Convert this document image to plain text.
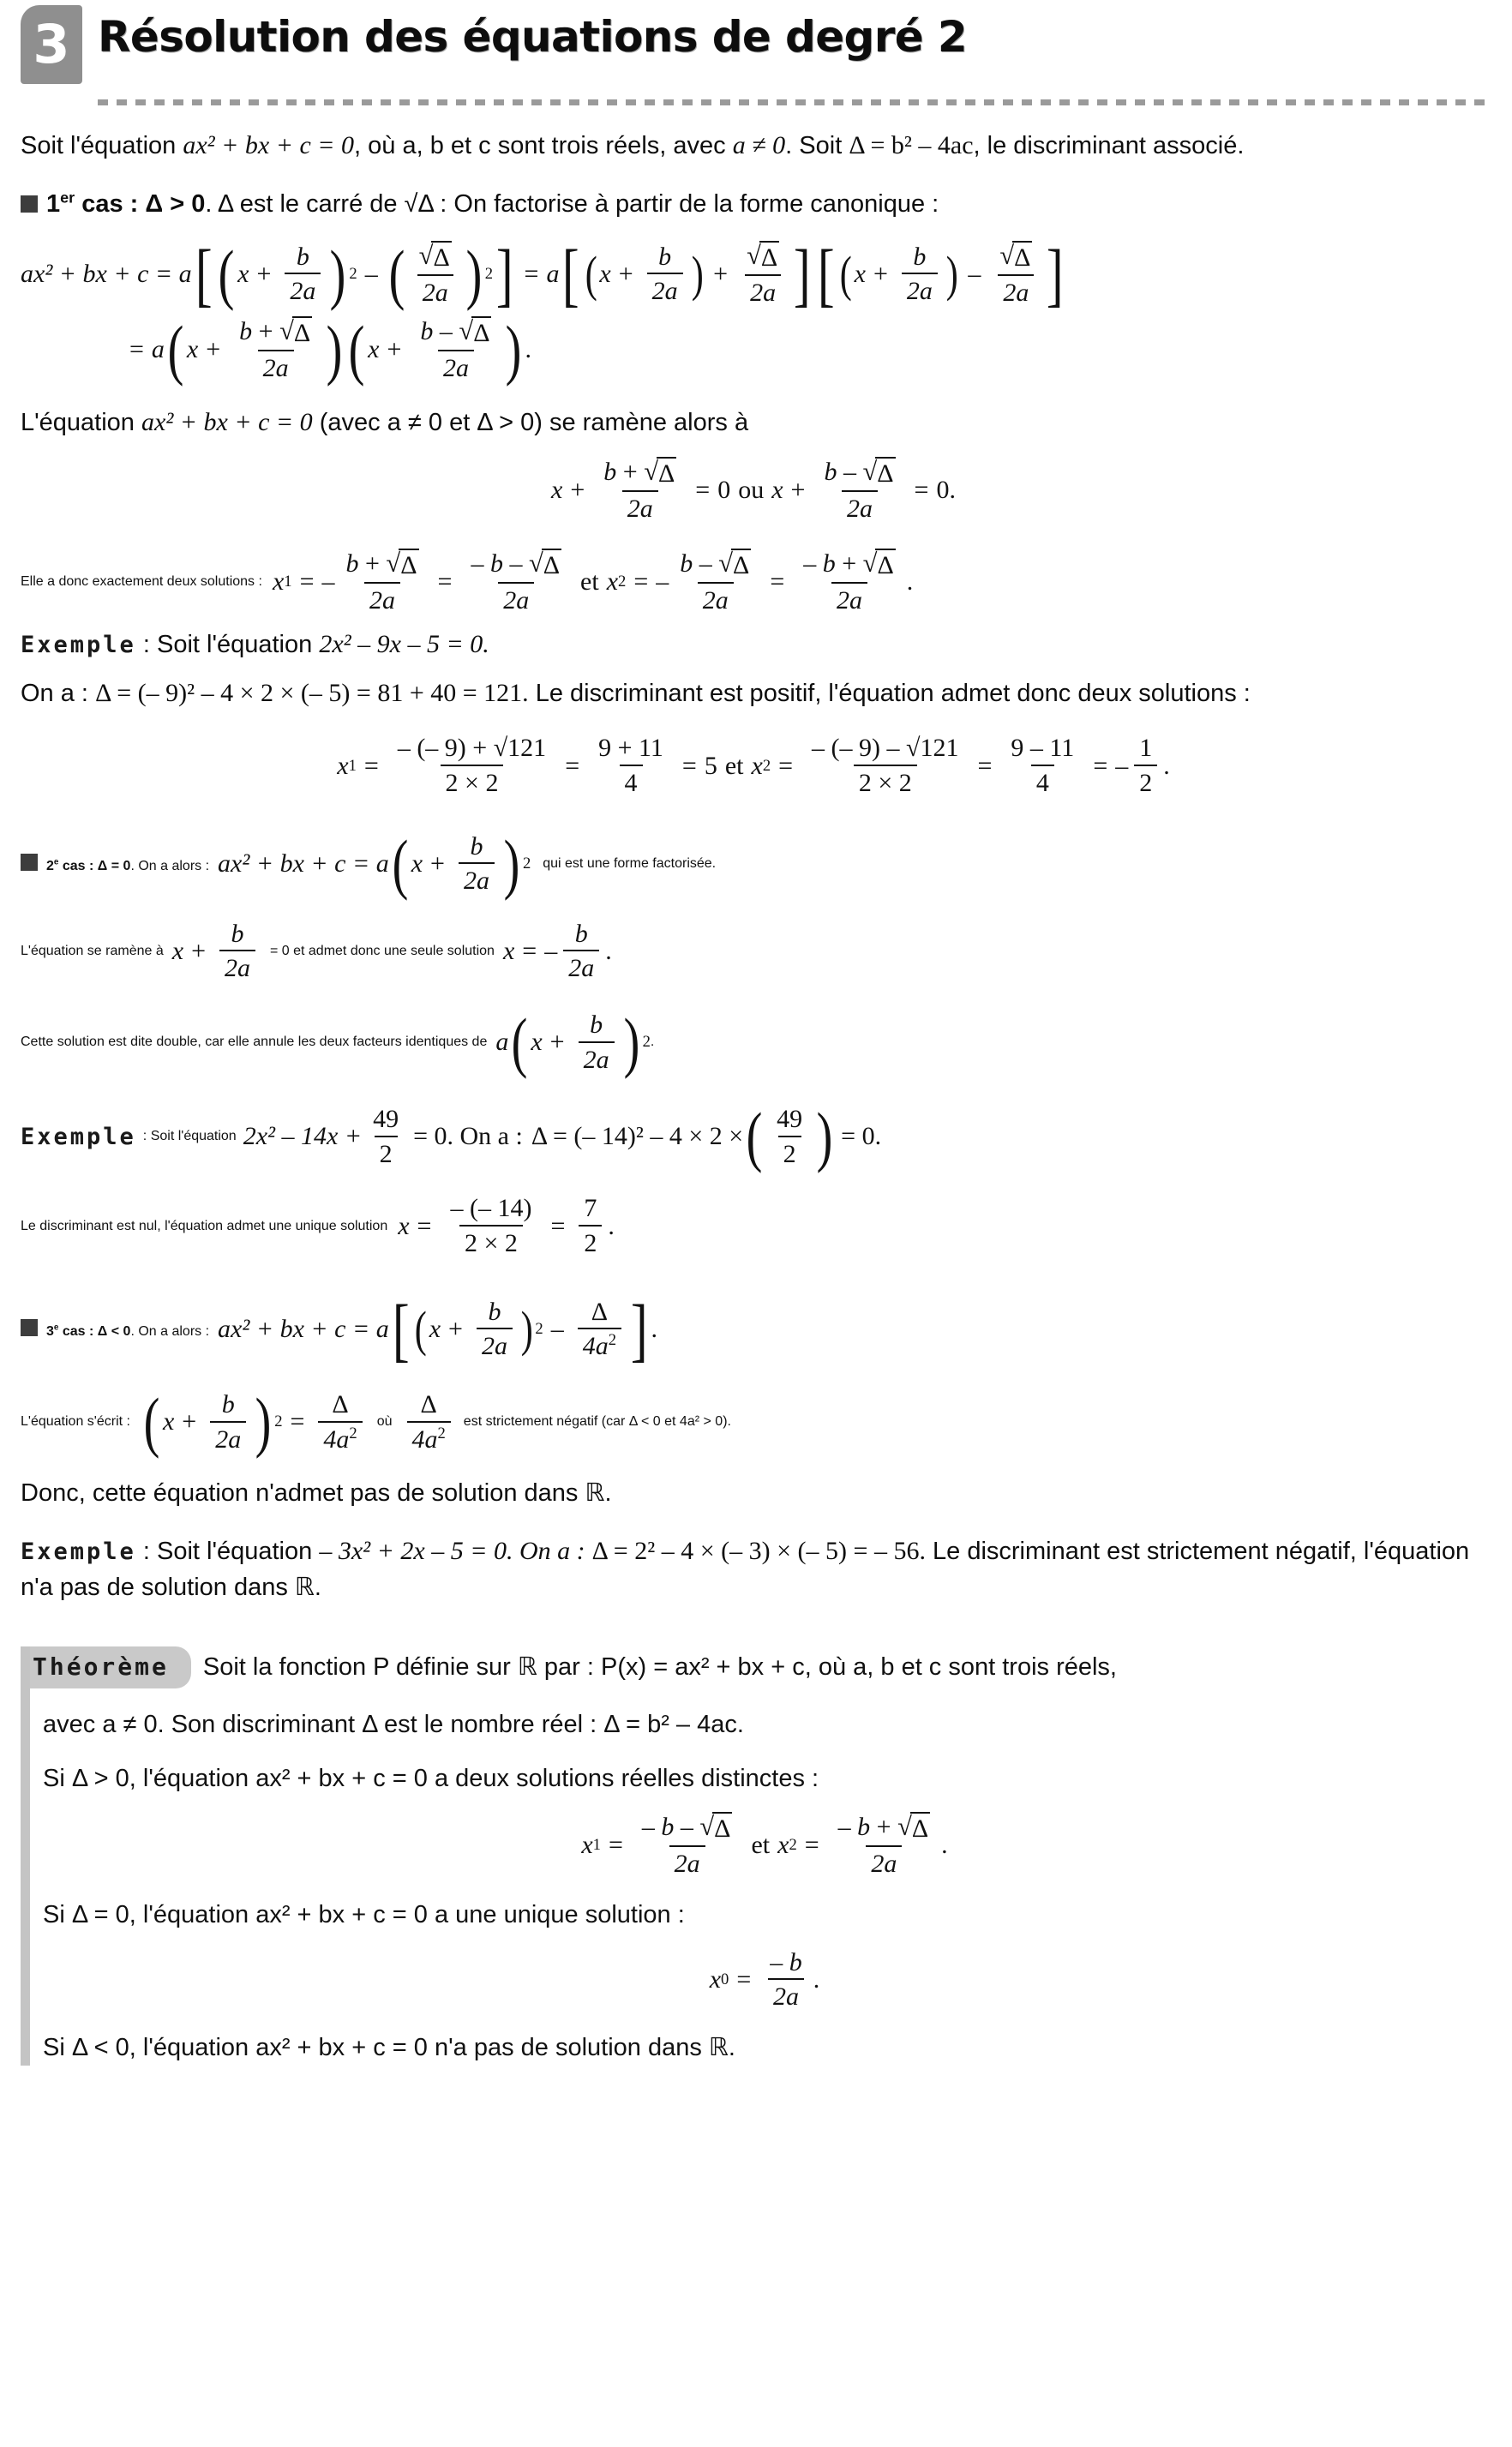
3 Résolution des équations de degré 2

Soit l'équation ax² + bx + c = 0, où a, b et c sont trois réels, avec a ≠ 0. Soit Δ = b² – 4ac, le discriminant associé.

1er cas : Δ > 0. Δ est le carré de √Δ : On factorise à partir de la forme canonique :

ax² + bx + c = a [ ( $x + \frac{b}{2a}$ ) 2 – ( $\frac{√ \Delta}{2a}$ ) 2 ] = a [ ( $x + \frac{b}{2a}$ ) + $\frac{√ \Delta}{2a}$ ] [ ( $x + \frac{b}{2a}$ ) – $\frac{√ \Delta}{2a}$ ]
= a ( $x + \frac{b + √ \Delta}{2a}$ ) ( $x + \frac{b - √ \Delta}{2a}$ ) .

L'équation ax² + bx + c = 0 (avec a ≠ 0 et Δ > 0) se ramène alors à

$x + \frac{b + √ \Delta}{2a} = 0$ ou $x + \frac{b - √ \Delta}{2a} = 0$.
Elle a donc exactement deux solutions : x 1 = – $\frac{b + √ \Delta}{2a} = \frac{- b - √ \Delta}{2a}$ et x 2 = – $\frac{b - √ \Delta}{2a} = \frac{- b + √ \Delta}{2a}$ .

Exemple : Soit l'équation 2x² – 9x – 5 = 0.

On a : Δ = (– 9)² – 4 × 2 × (– 5) = 81 + 40 = 121. Le discriminant est positif, l'équation admet donc deux solutions :

x $1 = \frac{- (- 9) + √121}{2 \times 2} = \frac{9 + 11}{4} = 5$ et x $2 = \frac{- (- 9) - √121}{2 \times 2} = \frac{9 - 11}{4}$ = – $\frac{1}{2}$ .
2e cas : Δ = 0. On a alors : ax² + bx + c = a ( $x + \frac{b}{2a}$ ) 2 qui est une forme factorisée.
L'équation se ramène à $x + \frac{b}{2a}$	= 0 et admet donc une seule solution x = – $\frac{b}{2a}$ .
Cette solution est dite double, car elle annule les deux facteurs identiques de a ( $x + \frac{b}{2a}$ ) 2 .
Exemple : Soit l'équation $2x^2 - 14x + \frac{49}{2} = 0$. On a : Δ = (– 14)² – 4 × 2 × ( $\frac{49}{2}$ ) = 0.
Le discriminant est nul, l'équation admet une unique solution $x = \frac{- (- 14)}{2 \times 2} = \frac{7}{2}$ .
3e cas : Δ < 0. On a alors : ax² + bx + c = a [ ( $x + \frac{b}{2a}$ ) $2 - \frac{\Delta}{4a^2}$ ] .
L'équation s'écrit : ( $x + \frac{b}{2a}$ ) $2 = \frac{\Delta}{4a^2}$	où $\frac{\Delta}{4a^2}$ est strictement négatif (car Δ < 0 et 4a² > 0).

Donc, cette équation n'admet pas de solution dans ℝ.

Exemple : Soit l'équation – 3x² + 2x – 5 = 0. On a : Δ = 2² – 4 × (– 3) × (– 5) = – 56. Le discriminant est strictement négatif, l'équation n'a pas de solution dans ℝ.

Théorème	Soit la fonction P définie sur ℝ par : P(x) = ax² + bx + c, où a, b et c sont trois réels,

avec a ≠ 0. Son discriminant Δ est le nombre réel : Δ = b² – 4ac.

Si Δ > 0, l'équation ax² + bx + c = 0 a deux solutions réelles distinctes :

x $1 = \frac{- b - √ \Delta}{2a}$ et x $2 = \frac{- b + √ \Delta}{2a}$ .

Si Δ = 0, l'équation ax² + bx + c = 0 a une unique solution :

x $0 = \frac{- b}{2a}$ .

Si Δ < 0, l'équation ax² + bx + c = 0 n'a pas de solution dans ℝ.
